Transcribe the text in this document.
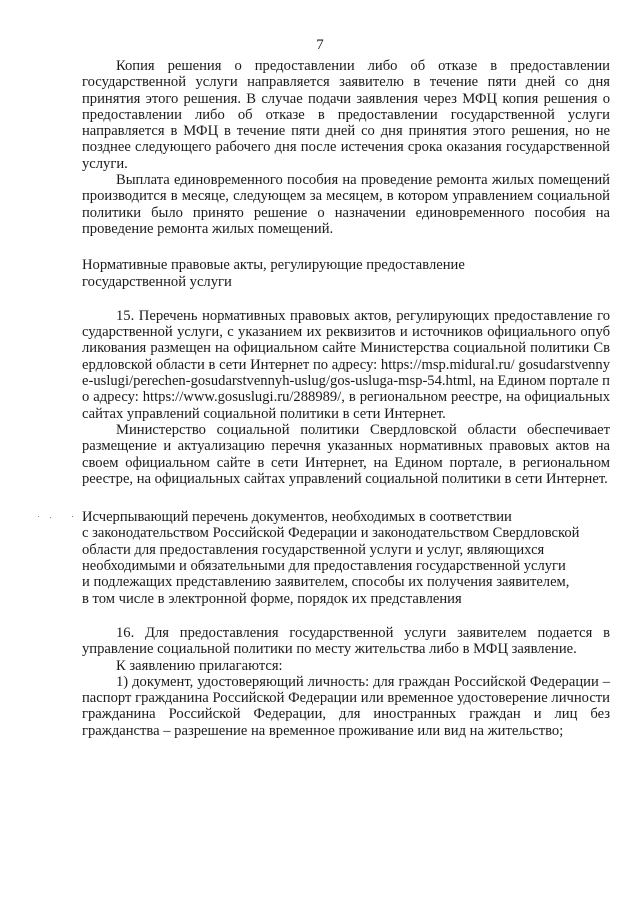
7

Копия решения о предоставлении либо об отказе в предоставлении государственной услуги направляется заявителю в течение пяти дней со дня принятия этого решения. В случае подачи заявления через МФЦ копия решения о предоставлении либо об отказе в предоставлении государственной услуги направляется в МФЦ в течение пяти дней со дня принятия этого решения, но не позднее следующего рабочего дня после истечения срока оказания государственной услуги.

Выплата единовременного пособия на проведение ремонта жилых помещений производится в месяце, следующем за месяцем, в котором управлением социальной политики было принято решение о назначении единовременного пособия на проведение ремонта жилых помещений.

Нормативные правовые акты, регулирующие предоставление
государственной услуги

15. Перечень нормативных правовых актов, регулирующих предоставление государственной услуги, с указанием их реквизитов и источников официального опубликования размещен на официальном сайте Министерства социальной политики Свердловской области в сети Интернет по адресу: https://msp.midural.ru/ gosudarstvennye-uslugi/perechen-gosudarstvennyh-uslug/gos-usluga-msp-54.html, на Едином портале по адресу: https://www.gosuslugi.ru/288989/, в региональном реестре, на официальных сайтах управлений социальной политики в сети Интернет.

Министерство социальной политики Свердловской области обеспечивает размещение и актуализацию перечня указанных нормативных правовых актов на своем официальном сайте в сети Интернет, на Едином портале, в региональном реестре, на официальных сайтах управлений социальной политики в сети Интернет.

Исчерпывающий перечень документов, необходимых в соответствии
с законодательством Российской Федерации и законодательством Свердловской
области для предоставления государственной услуги и услуг, являющихся
необходимыми и обязательными для предоставления государственной услуги
и подлежащих представлению заявителем, способы их получения заявителем,
в том числе в электронной форме, порядок их представления

16. Для предоставления государственной услуги заявителем подается в управление социальной политики по месту жительства либо в МФЦ заявление.

К заявлению прилагаются:

1) документ, удостоверяющий личность: для граждан Российской Федерации – паспорт гражданина Российской Федерации или временное удостоверение личности гражданина Российской Федерации, для иностранных граждан и лиц без гражданства – разрешение на временное проживание или вид на жительство;
